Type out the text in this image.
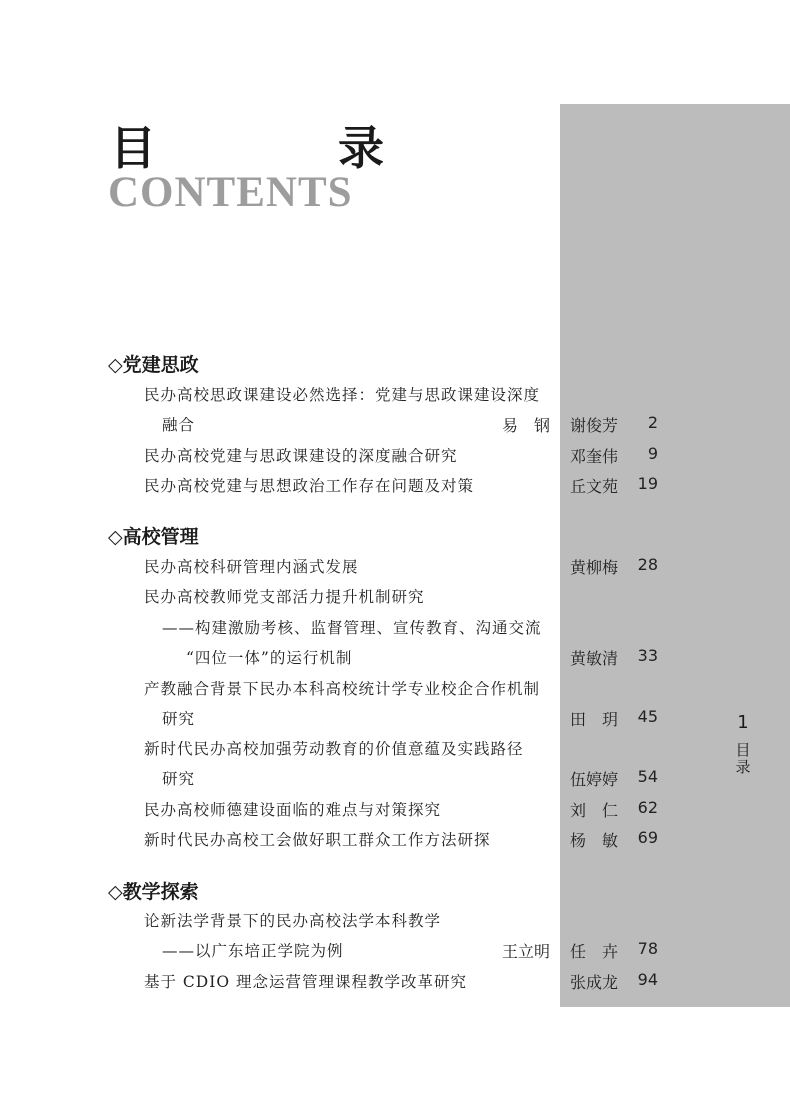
目　录
CONTENTS
◇党建思政
民办高校思政课建设必然选择：党建与思政课建设深度
融合	易　钢 谢俊芳	2
民办高校党建与思政课建设的深度融合研究	邓奎伟	9
民办高校党建与思想政治工作存在问题及对策	丘文苑	19
◇高校管理
民办高校科研管理内涵式发展	黄柳梅	28
民办高校教师党支部活力提升机制研究
——构建激励考核、监督管理、宣传教育、沟通交流
“四位一体”的运行机制	黄敏清	33
产教融合背景下民办本科高校统计学专业校企合作机制
研究	田　玥	45
新时代民办高校加强劳动教育的价值意蕴及实践路径
研究	伍婷婷	54
民办高校师德建设面临的难点与对策探究	刘　仁	62
新时代民办高校工会做好职工群众工作方法研探	杨　敏	69
◇教学探索
论新法学背景下的民办高校法学本科教学
——以广东培正学院为例	王立明 任　卉	78
基于 CDIO 理念运营管理课程教学改革研究	张成龙	94
1
目录
